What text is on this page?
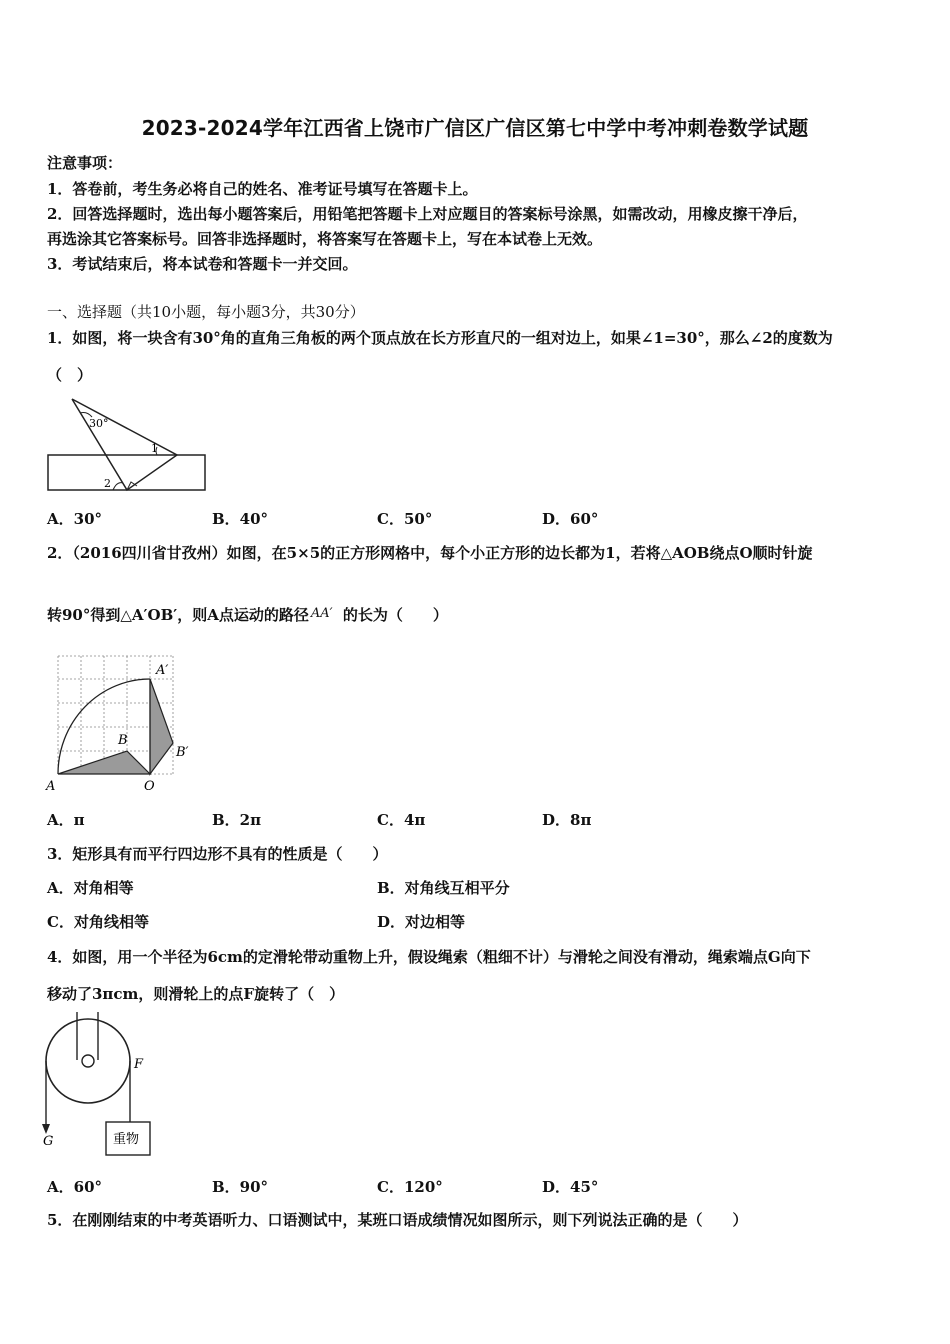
2023-2024学年江西省上饶市广信区广信区第七中学中考冲刺卷数学试题
注意事项：
1．答卷前，考生务必将自己的姓名、准考证号填写在答题卡上。
2．回答选择题时，选出每小题答案后，用铅笔把答题卡上对应题目的答案标号涂黑，如需改动，用橡皮擦干净后，
再选涂其它答案标号。回答非选择题时，将答案写在答题卡上，写在本试卷上无效。
3．考试结束后，将本试卷和答题卡一并交回。
一、选择题（共10小题，每小题3分，共30分）
1．如图，将一块含有30°角的直角三角板的两个顶点放在长方形直尺的一组对边上，如果∠1=30°，那么∠2的度数为
（　）
30°
1
2
A．30°	B．40°	C．50°	D．60°
2．（2016四川省甘孜州）如图，在5×5的正方形网格中，每个小正方形的边长都为1，若将△AOB绕点O顺时针旋
转90°得到△A′OB′，则A点运动的路径 AA′ 的长为（　　）
A	O
B
A′
B′
A．π	B．2π	C．4π	D．8π
3．矩形具有而平行四边形不具有的性质是（　　）
A．对角相等	B．对角线互相平分
C．对角线相等	D．对边相等
4．如图，用一个半径为6cm的定滑轮带动重物上升，假设绳索（粗细不计）与滑轮之间没有滑动，绳索端点G向下
移动了3πcm，则滑轮上的点F旋转了（　）
F
G	重物
A．60°	B．90°	C．120°	D．45°
5．在刚刚结束的中考英语听力、口语测试中，某班口语成绩情况如图所示，则下列说法正确的是（　　）
